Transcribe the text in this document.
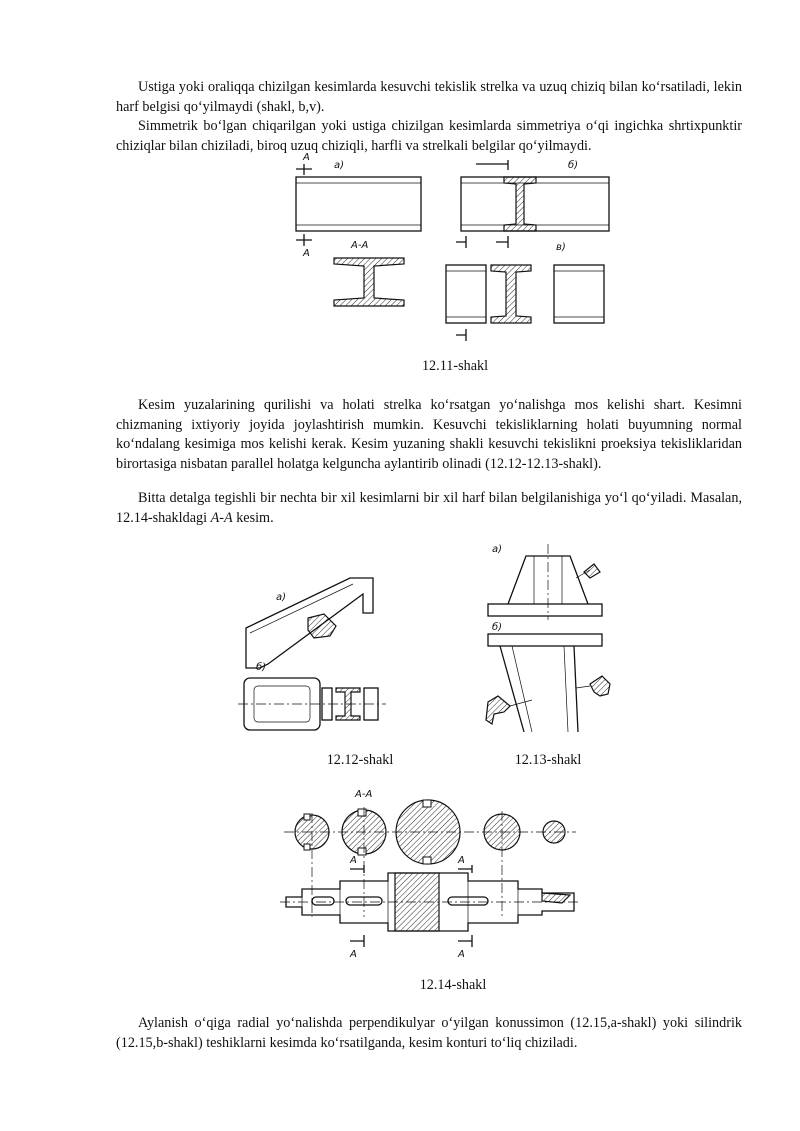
Ustiga yoki oraliqqa chizilgan kesimlarda kesuvchi tekislik strelka va uzuq chiziq bilan koʻrsatiladi, lekin harf belgisi qoʻyilmaydi (shakl, b,v).

Simmetrik boʻlgan chiqarilgan yoki ustiga chizilgan kesimlarda simmetriya oʻqi ingichka shrtixpunktir chiziqlar bilan chiziladi, biroq uzuq chiziqli, harfli va strelkali belgilar qoʻyilmaydi.

а)
A
A
A-A
б)
в)
12.11-shakl

Kesim yuzalarining qurilishi va holati strelka koʻrsatgan yoʻnalishga mos kelishi shart. Kesimni chizmaning ixtiyoriy joyida joylashtirish mumkin. Kesuvchi tekisliklarning holati buyumning normal koʻndalang kesimiga mos kelishi kerak. Kesim yuzaning shakli kesuvchi tekislikni proeksiya tekisliklaridan birortasiga nisbatan parallel holatga kelguncha aylantirib olinadi (12.12-12.13-shakl).

Bitta detalga tegishli bir nechta bir xil kesimlarni bir xil harf bilan belgilanishiga yoʻl qoʻyiladi. Masalan, 12.14-shakldagi A-A kesim.

а)
б)
12.12-shakl
а)
б)
12.13-shakl
A-A
A	A
A	A
12.14-shakl

Aylanish oʻqiga radial yoʻnalishda perpendikulyar oʻyilgan konussimon (12.15,a-shakl) yoki silindrik (12.15,b-shakl) teshiklarni kesimda koʻrsatilganda, kesim konturi toʻliq chiziladi.
